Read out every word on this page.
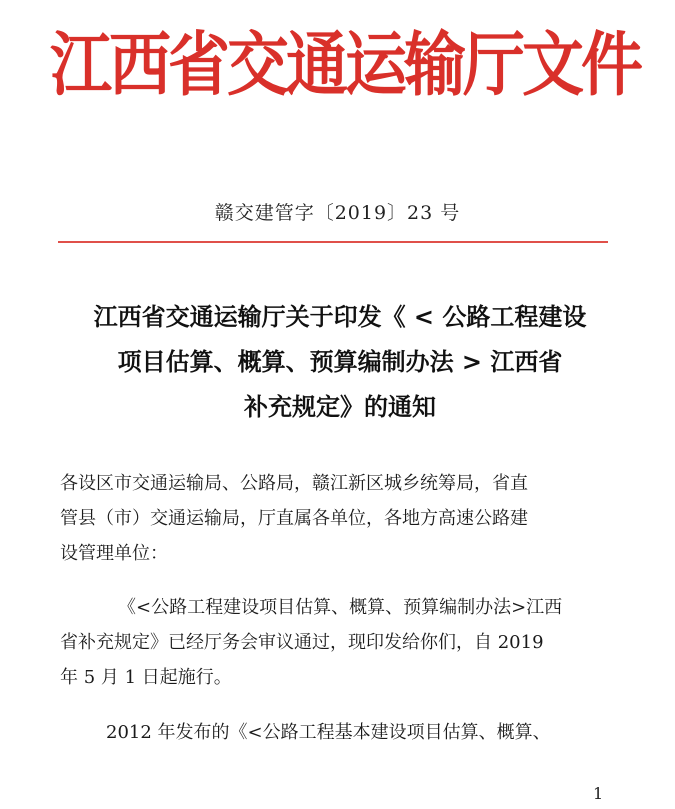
江西省交通运输厅文件
赣交建管字〔2019〕23 号
江西省交通运输厅关于印发《 < 公路工程建设
项目估算、概算、预算编制办法 > 江西省
补充规定》的通知
各设区市交通运输局、公路局，赣江新区城乡统筹局，省直
管县（市）交通运输局，厅直属各单位，各地方高速公路建
设管理单位：
《<公路工程建设项目估算、概算、预算编制办法>江西
省补充规定》已经厅务会审议通过，现印发给你们，自 2019
年 5 月 1 日起施行。
2012 年发布的《<公路工程基本建设项目估算、概算、
1
